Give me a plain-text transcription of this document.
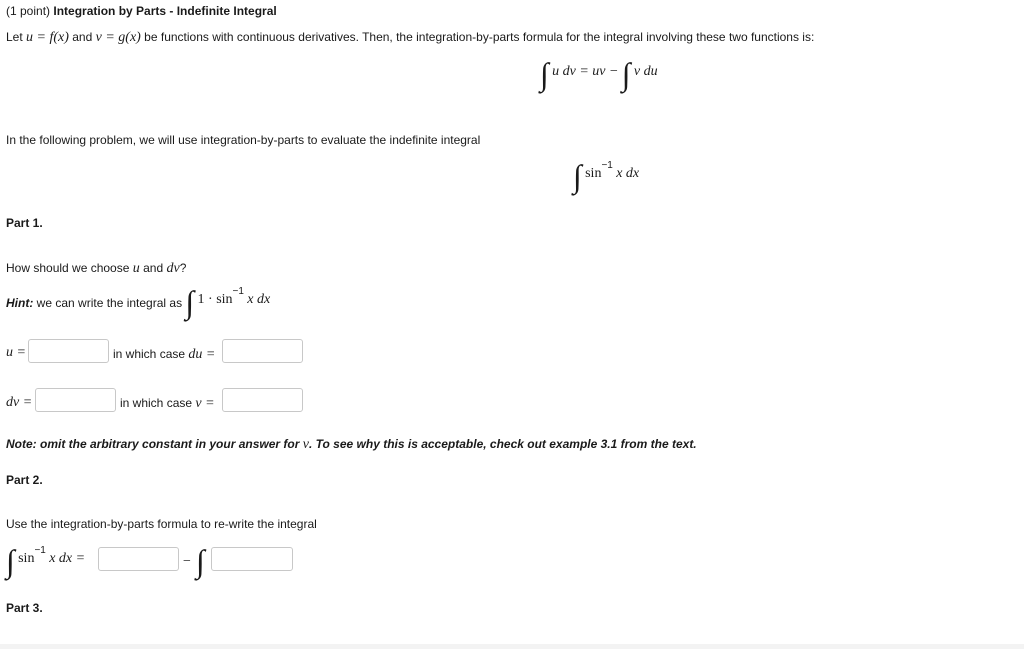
(1 point) Integration by Parts - Indefinite Integral
Let u = f(x) and v = g(x) be functions with continuous derivatives. Then, the integration-by-parts formula for the integral involving these two functions is:
∫ u dv = uv − ∫ v du
In the following problem, we will use integration-by-parts to evaluate the indefinite integral
∫ $\sin^{-1} x$ dx
Part 1.
How should we choose u and dv?
Hint: we can write the integral as ∫ $1 \cdot \sin^{-1} x$ dx
u =	in which case du =
dv =	in which case v =
Note: omit the arbitrary constant in your answer for v. To see why this is acceptable, check out example 3.1 from the text.
Part 2.
Use the integration-by-parts formula to re-write the integral
∫ $\sin^{-1} x$ dx =	− ∫
Part 3.
